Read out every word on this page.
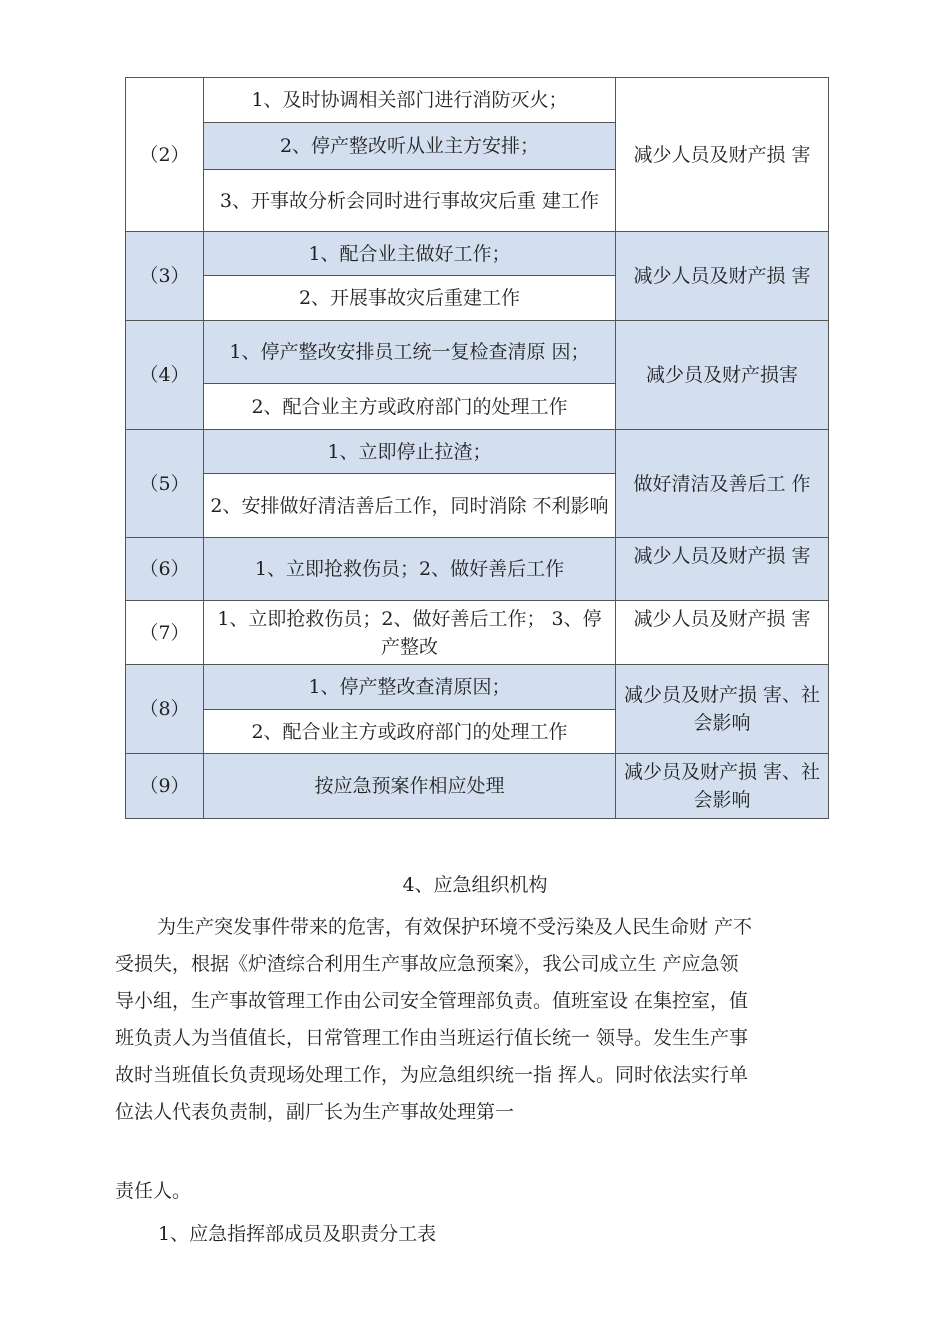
（2）
1、及时协调相关部门进行消防灭火；
2、停产整改听从业主方安排；
3、开事故分析会同时进行事故灾后重 建工作
减少人员及财产损 害
（3）
1、配合业主做好工作；
2、开展事故灾后重建工作
减少人员及财产损 害
（4）
1、停产整改安排员工统一复检查清原 因；
2、配合业主方或政府部门的处理工作
减少员及财产损害
（5）
1、立即停止拉渣；
2、安排做好清洁善后工作，同时消除 不利影响
做好清洁及善后工 作
（6）	1、立即抢救伤员；2、做好善后工作
减少人员及财产损 害
（7）
1、立即抢救伤员；2、做好善后工作； 3、停产整改
减少人员及财产损 害
（8）
1、停产整改查清原因；
2、配合业主方或政府部门的处理工作
减少员及财产损 害、社会影响
（9）	按应急预案作相应处理
减少员及财产损 害、社会影响
4、应急组织机构
为生产突发事件带来的危害，有效保护环境不受污染及人民生命财 产不
受损失，根据《炉渣综合利用生产事故应急预案》，我公司成立生 产应急领
导小组，生产事故管理工作由公司安全管理部负责。值班室设 在集控室，值
班负责人为当值值长，日常管理工作由当班运行值长统一 领导。发生生产事
故时当班值长负责现场处理工作，为应急组织统一指 挥人。同时依法实行单
位法人代表负责制，副厂长为生产事故处理第一
责任人。
1、应急指挥部成员及职责分工表
